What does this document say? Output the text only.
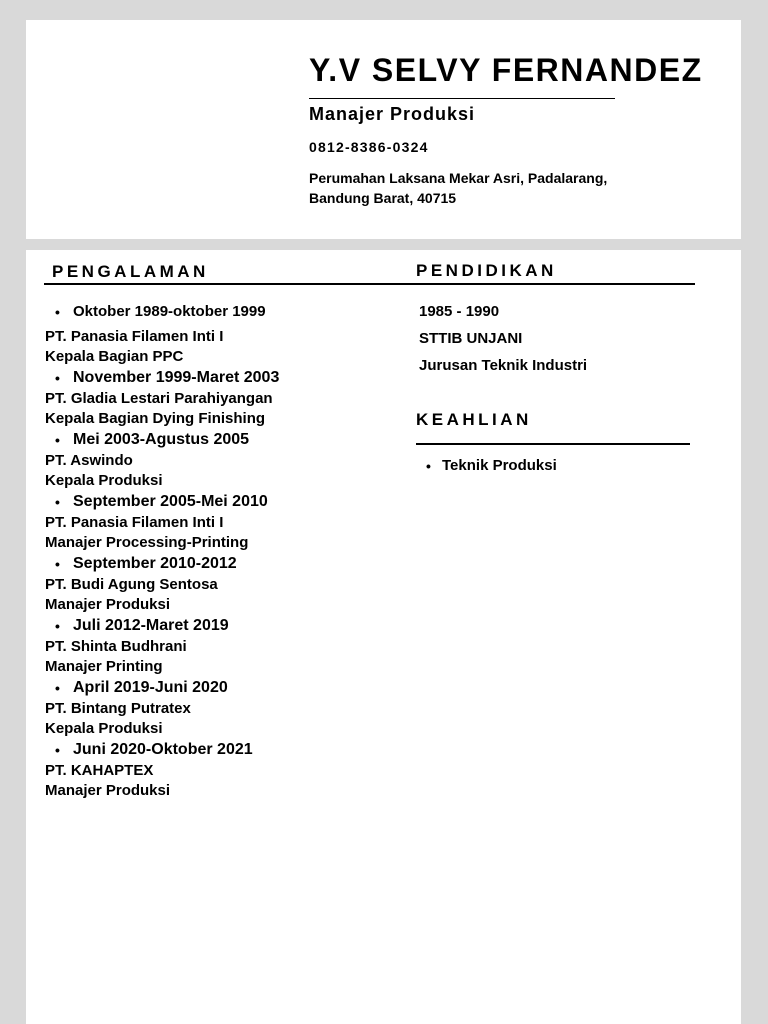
Y.V SELVY FERNANDEZ
Manajer Produksi
0812-8386-0324
Perumahan Laksana Mekar Asri, Padalarang, Bandung Barat, 40715
PENGALAMAN	PENDIDIKAN
• Oktober 1989-oktober 1999
PT. Panasia Filamen Inti I
Kepala Bagian PPC
• November 1999-Maret 2003
PT. Gladia Lestari Parahiyangan
Kepala Bagian Dying Finishing
• Mei 2003-Agustus 2005
PT. Aswindo
Kepala Produksi
• September 2005-Mei 2010
PT. Panasia Filamen Inti I
Manajer Processing-Printing
• September 2010-2012
PT. Budi Agung Sentosa
Manajer Produksi
• Juli 2012-Maret 2019
PT. Shinta Budhrani
Manajer Printing
• April 2019-Juni 2020
PT. Bintang Putratex
Kepala Produksi
• Juni 2020-Oktober 2021
PT. KAHAPTEX
Manajer Produksi
1985 - 1990
STTIB UNJANI
Jurusan Teknik Industri
KEAHLIAN
• Teknik Produksi
